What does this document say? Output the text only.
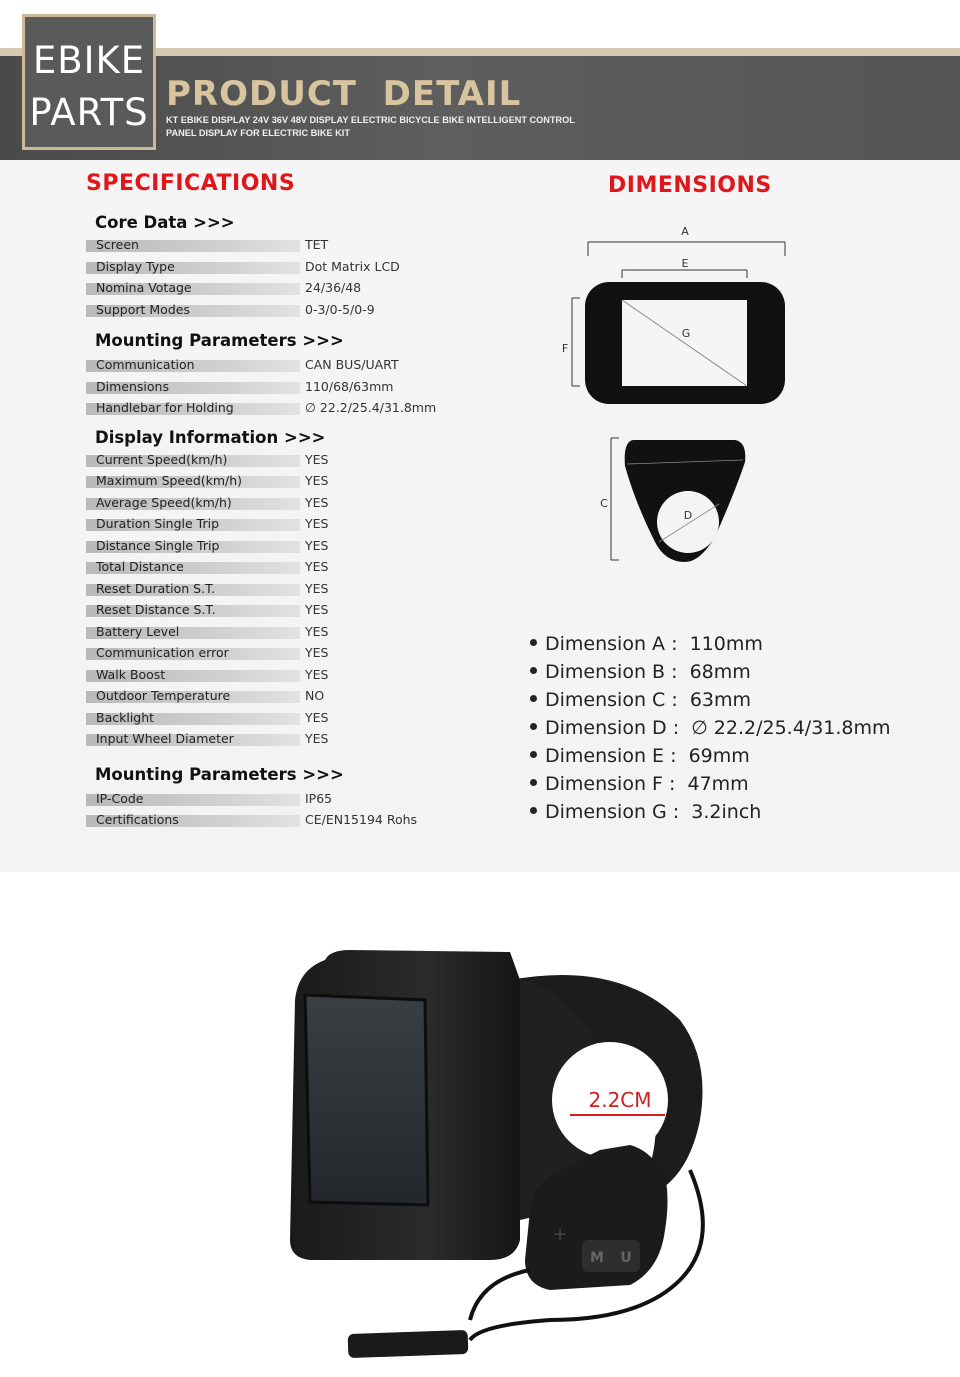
EBIKE
PARTS PRODUCT  DETAIL
KT EBIKE DISPLAY 24V 36V 48V DISPLAY ELECTRIC BICYCLE BIKE INTELLIGENT CONTROL PANEL DISPLAY FOR ELECTRIC BIKE KIT
SPECIFICATIONS	DIMENSIONS
Core Data >>>
Screen	TET
Display Type	Dot Matrix LCD
Nomina Votage	24/36/48
Support Modes	0-3/0-5/0-9
Mounting Parameters >>>
Communication	CAN BUS/UART
Dimensions	110/68/63mm
Handlebar for Holding	∅ 22.2/25.4/31.8mm
Display Information >>>
Current Speed(km/h)	YES
Maximum Speed(km/h)	YES
Average Speed(km/h)	YES
Duration Single Trip	YES
Distance Single Trip	YES
Total Distance	YES
Reset Duration S.T.	YES
Reset Distance S.T.	YES
Battery Level	YES
Communication error	YES
Walk Boost	YES
Outdoor Temperature	NO
Backlight	YES
Input Wheel Diameter	YES
Mounting Parameters >>>
IP-Code	IP65
Certifications	CE/EN15194 Rohs
A
E
F
G
C
D
Dimension A :  110mm
Dimension B :  68mm
Dimension C :  63mm
Dimension D :  ∅ 22.2/25.4/31.8mm
Dimension E :  69mm
Dimension F :  47mm
Dimension G :  3.2inch
M U
+
2.2CM
